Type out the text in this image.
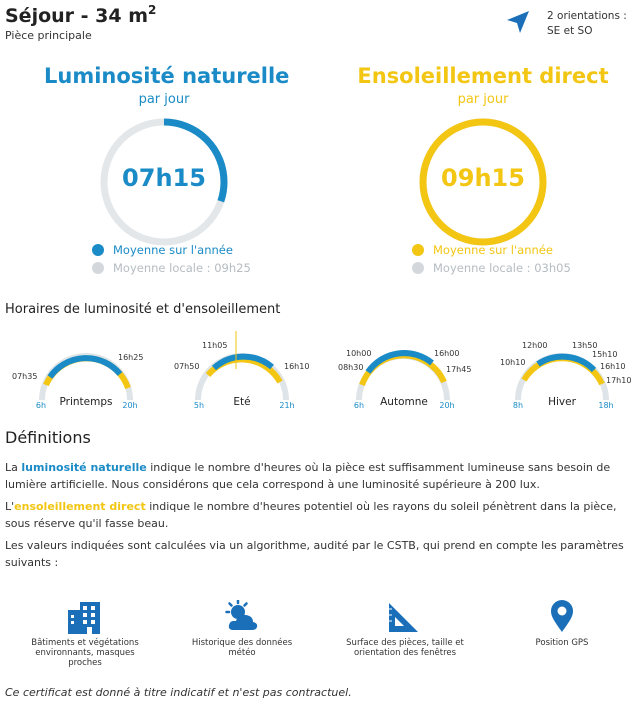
Séjour - 34 $m^2$
Pièce principale
2 orientations :
SE et SO
Luminosité naturelle
par jour
07h15
Moyenne sur l'année
Moyenne locale : 09h25
Ensoleillement direct
par jour
09h15
Moyenne sur l'année
Moyenne locale : 03h05
Horaires de luminosité et d'ensoleillement
07h35
16h25
Printemps
6h	20h
11h05
07h50	16h10
Eté
5h	21h
10h00
08h30
16h00
17h45
Automne
6h	20h
12h00
10h10
13h50
15h10
16h10
17h10
Hiver
8h	18h
Définitions

La luminosité naturelle indique le nombre d'heures où la pièce est suffisamment lumineuse sans besoin de lumière artificielle. Nous considérons que cela correspond à une luminosité supérieure à 200 lux.

L'ensoleillement direct indique le nombre d'heures potentiel où les rayons du soleil pénètrent dans la pièce, sous réserve qu'il fasse beau.

Les valeurs indiquées sont calculées via un algorithme, audité par le CSTB, qui prend en compte les paramètres suivants :

Bâtiments et végétations environnants, masques proches
Historique des données météo
Surface des pièces, taille et orientation des fenêtres
Position GPS
Ce certificat est donné à titre indicatif et n'est pas contractuel.
